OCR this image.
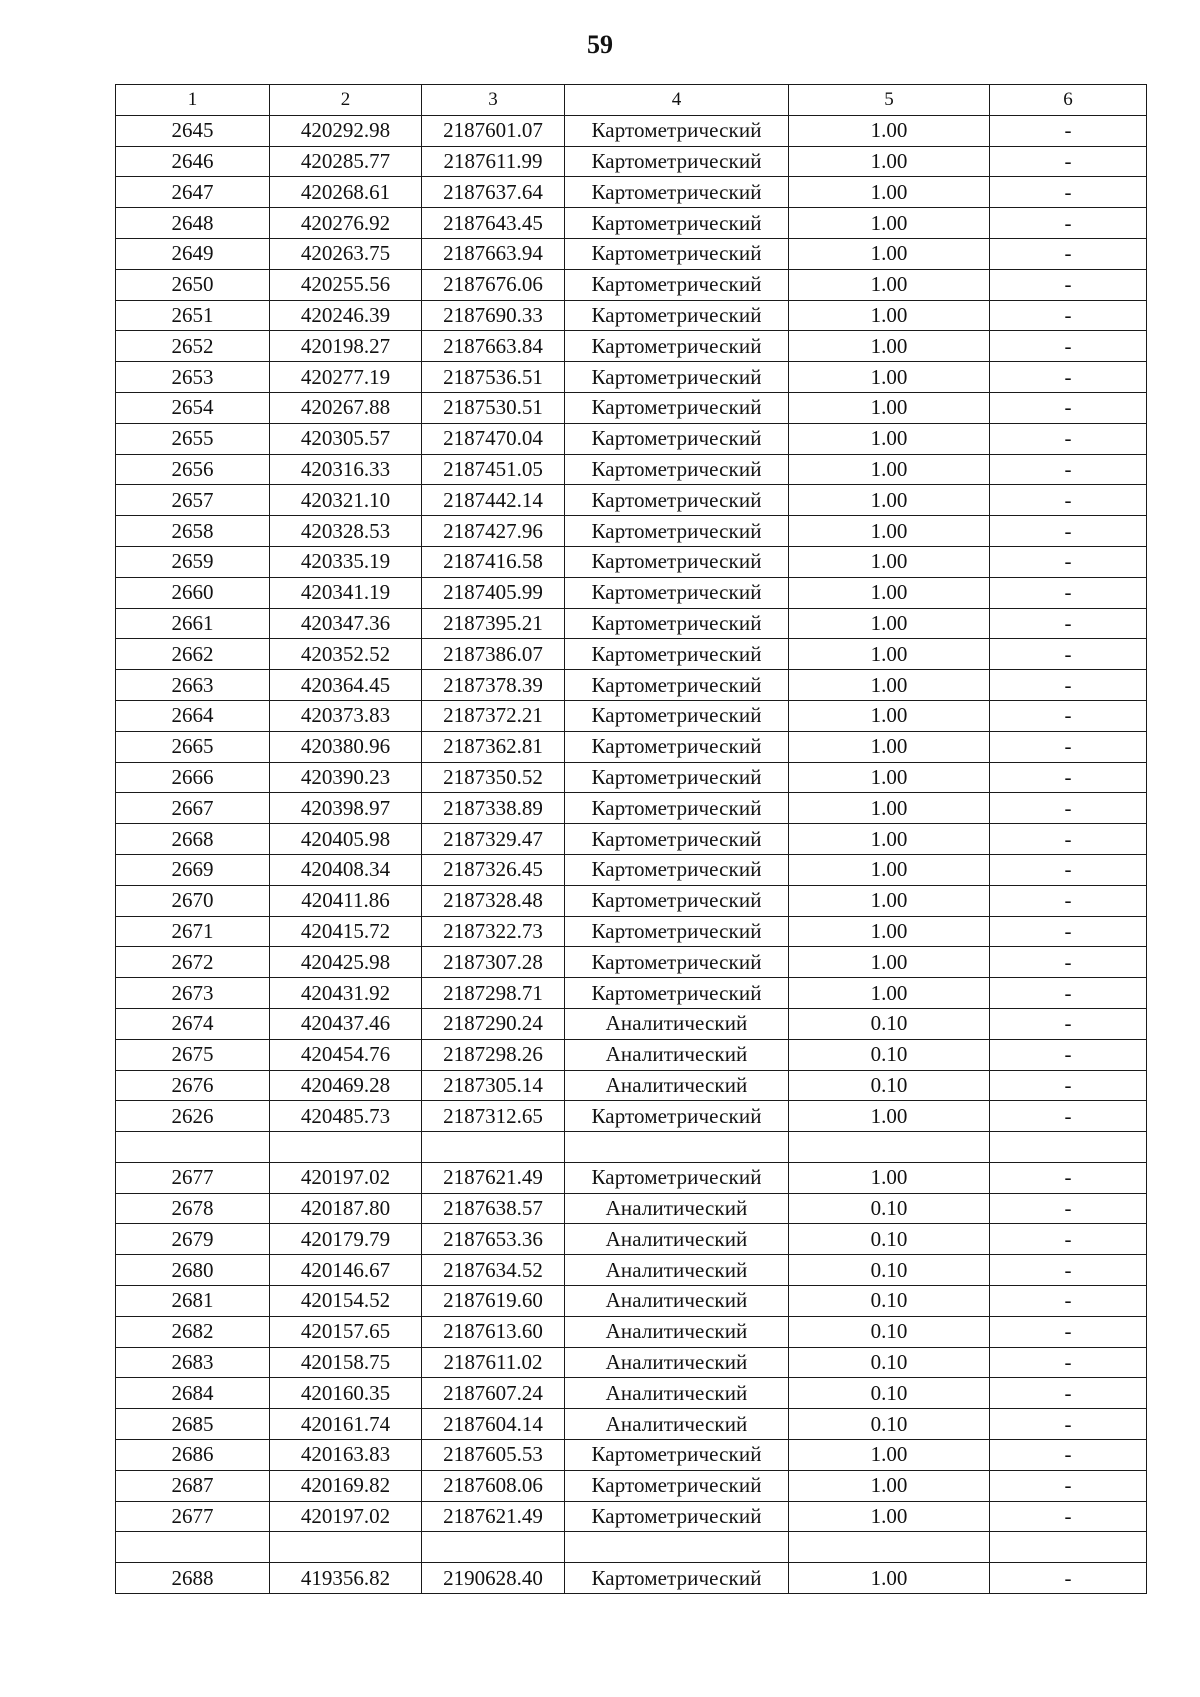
59
1	2	3	4	5	6
2645	420292.98	2187601.07	Картометрический	1.00	-
2646	420285.77	2187611.99	Картометрический	1.00	-
2647	420268.61	2187637.64	Картометрический	1.00	-
2648	420276.92	2187643.45	Картометрический	1.00	-
2649	420263.75	2187663.94	Картометрический	1.00	-
2650	420255.56	2187676.06	Картометрический	1.00	-
2651	420246.39	2187690.33	Картометрический	1.00	-
2652	420198.27	2187663.84	Картометрический	1.00	-
2653	420277.19	2187536.51	Картометрический	1.00	-
2654	420267.88	2187530.51	Картометрический	1.00	-
2655	420305.57	2187470.04	Картометрический	1.00	-
2656	420316.33	2187451.05	Картометрический	1.00	-
2657	420321.10	2187442.14	Картометрический	1.00	-
2658	420328.53	2187427.96	Картометрический	1.00	-
2659	420335.19	2187416.58	Картометрический	1.00	-
2660	420341.19	2187405.99	Картометрический	1.00	-
2661	420347.36	2187395.21	Картометрический	1.00	-
2662	420352.52	2187386.07	Картометрический	1.00	-
2663	420364.45	2187378.39	Картометрический	1.00	-
2664	420373.83	2187372.21	Картометрический	1.00	-
2665	420380.96	2187362.81	Картометрический	1.00	-
2666	420390.23	2187350.52	Картометрический	1.00	-
2667	420398.97	2187338.89	Картометрический	1.00	-
2668	420405.98	2187329.47	Картометрический	1.00	-
2669	420408.34	2187326.45	Картометрический	1.00	-
2670	420411.86	2187328.48	Картометрический	1.00	-
2671	420415.72	2187322.73	Картометрический	1.00	-
2672	420425.98	2187307.28	Картометрический	1.00	-
2673	420431.92	2187298.71	Картометрический	1.00	-
2674	420437.46	2187290.24	Аналитический	0.10	-
2675	420454.76	2187298.26	Аналитический	0.10	-
2676	420469.28	2187305.14	Аналитический	0.10	-
2626	420485.73	2187312.65	Картометрический	1.00	-

2677	420197.02	2187621.49	Картометрический	1.00	-
2678	420187.80	2187638.57	Аналитический	0.10	-
2679	420179.79	2187653.36	Аналитический	0.10	-
2680	420146.67	2187634.52	Аналитический	0.10	-
2681	420154.52	2187619.60	Аналитический	0.10	-
2682	420157.65	2187613.60	Аналитический	0.10	-
2683	420158.75	2187611.02	Аналитический	0.10	-
2684	420160.35	2187607.24	Аналитический	0.10	-
2685	420161.74	2187604.14	Аналитический	0.10	-
2686	420163.83	2187605.53	Картометрический	1.00	-
2687	420169.82	2187608.06	Картометрический	1.00	-
2677	420197.02	2187621.49	Картометрический	1.00	-

2688	419356.82	2190628.40	Картометрический	1.00	-
